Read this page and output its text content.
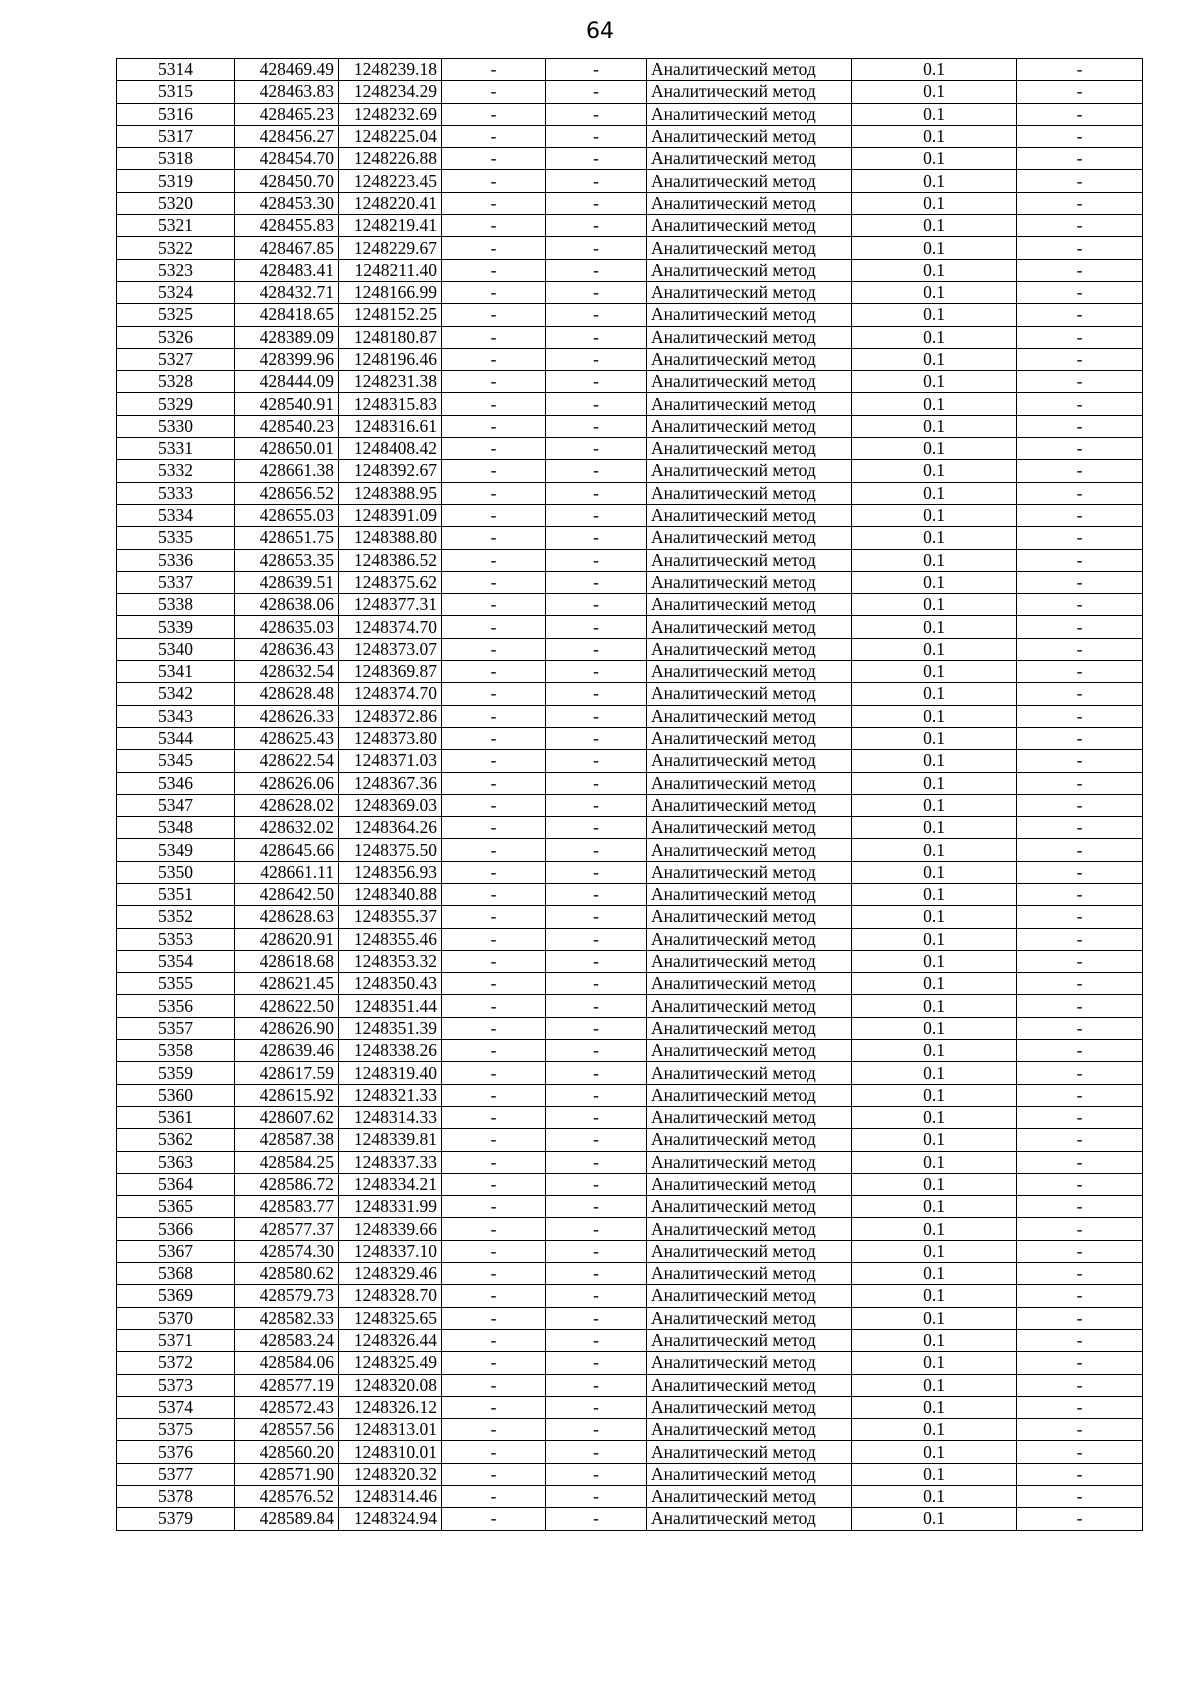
64
5314	428469.49	1248239.18	-	-	Аналитический метод	0.1	-
5315	428463.83	1248234.29	-	-	Аналитический метод	0.1	-
5316	428465.23	1248232.69	-	-	Аналитический метод	0.1	-
5317	428456.27	1248225.04	-	-	Аналитический метод	0.1	-
5318	428454.70	1248226.88	-	-	Аналитический метод	0.1	-
5319	428450.70	1248223.45	-	-	Аналитический метод	0.1	-
5320	428453.30	1248220.41	-	-	Аналитический метод	0.1	-
5321	428455.83	1248219.41	-	-	Аналитический метод	0.1	-
5322	428467.85	1248229.67	-	-	Аналитический метод	0.1	-
5323	428483.41	1248211.40	-	-	Аналитический метод	0.1	-
5324	428432.71	1248166.99	-	-	Аналитический метод	0.1	-
5325	428418.65	1248152.25	-	-	Аналитический метод	0.1	-
5326	428389.09	1248180.87	-	-	Аналитический метод	0.1	-
5327	428399.96	1248196.46	-	-	Аналитический метод	0.1	-
5328	428444.09	1248231.38	-	-	Аналитический метод	0.1	-
5329	428540.91	1248315.83	-	-	Аналитический метод	0.1	-
5330	428540.23	1248316.61	-	-	Аналитический метод	0.1	-
5331	428650.01	1248408.42	-	-	Аналитический метод	0.1	-
5332	428661.38	1248392.67	-	-	Аналитический метод	0.1	-
5333	428656.52	1248388.95	-	-	Аналитический метод	0.1	-
5334	428655.03	1248391.09	-	-	Аналитический метод	0.1	-
5335	428651.75	1248388.80	-	-	Аналитический метод	0.1	-
5336	428653.35	1248386.52	-	-	Аналитический метод	0.1	-
5337	428639.51	1248375.62	-	-	Аналитический метод	0.1	-
5338	428638.06	1248377.31	-	-	Аналитический метод	0.1	-
5339	428635.03	1248374.70	-	-	Аналитический метод	0.1	-
5340	428636.43	1248373.07	-	-	Аналитический метод	0.1	-
5341	428632.54	1248369.87	-	-	Аналитический метод	0.1	-
5342	428628.48	1248374.70	-	-	Аналитический метод	0.1	-
5343	428626.33	1248372.86	-	-	Аналитический метод	0.1	-
5344	428625.43	1248373.80	-	-	Аналитический метод	0.1	-
5345	428622.54	1248371.03	-	-	Аналитический метод	0.1	-
5346	428626.06	1248367.36	-	-	Аналитический метод	0.1	-
5347	428628.02	1248369.03	-	-	Аналитический метод	0.1	-
5348	428632.02	1248364.26	-	-	Аналитический метод	0.1	-
5349	428645.66	1248375.50	-	-	Аналитический метод	0.1	-
5350	428661.11	1248356.93	-	-	Аналитический метод	0.1	-
5351	428642.50	1248340.88	-	-	Аналитический метод	0.1	-
5352	428628.63	1248355.37	-	-	Аналитический метод	0.1	-
5353	428620.91	1248355.46	-	-	Аналитический метод	0.1	-
5354	428618.68	1248353.32	-	-	Аналитический метод	0.1	-
5355	428621.45	1248350.43	-	-	Аналитический метод	0.1	-
5356	428622.50	1248351.44	-	-	Аналитический метод	0.1	-
5357	428626.90	1248351.39	-	-	Аналитический метод	0.1	-
5358	428639.46	1248338.26	-	-	Аналитический метод	0.1	-
5359	428617.59	1248319.40	-	-	Аналитический метод	0.1	-
5360	428615.92	1248321.33	-	-	Аналитический метод	0.1	-
5361	428607.62	1248314.33	-	-	Аналитический метод	0.1	-
5362	428587.38	1248339.81	-	-	Аналитический метод	0.1	-
5363	428584.25	1248337.33	-	-	Аналитический метод	0.1	-
5364	428586.72	1248334.21	-	-	Аналитический метод	0.1	-
5365	428583.77	1248331.99	-	-	Аналитический метод	0.1	-
5366	428577.37	1248339.66	-	-	Аналитический метод	0.1	-
5367	428574.30	1248337.10	-	-	Аналитический метод	0.1	-
5368	428580.62	1248329.46	-	-	Аналитический метод	0.1	-
5369	428579.73	1248328.70	-	-	Аналитический метод	0.1	-
5370	428582.33	1248325.65	-	-	Аналитический метод	0.1	-
5371	428583.24	1248326.44	-	-	Аналитический метод	0.1	-
5372	428584.06	1248325.49	-	-	Аналитический метод	0.1	-
5373	428577.19	1248320.08	-	-	Аналитический метод	0.1	-
5374	428572.43	1248326.12	-	-	Аналитический метод	0.1	-
5375	428557.56	1248313.01	-	-	Аналитический метод	0.1	-
5376	428560.20	1248310.01	-	-	Аналитический метод	0.1	-
5377	428571.90	1248320.32	-	-	Аналитический метод	0.1	-
5378	428576.52	1248314.46	-	-	Аналитический метод	0.1	-
5379	428589.84	1248324.94	-	-	Аналитический метод	0.1	-
